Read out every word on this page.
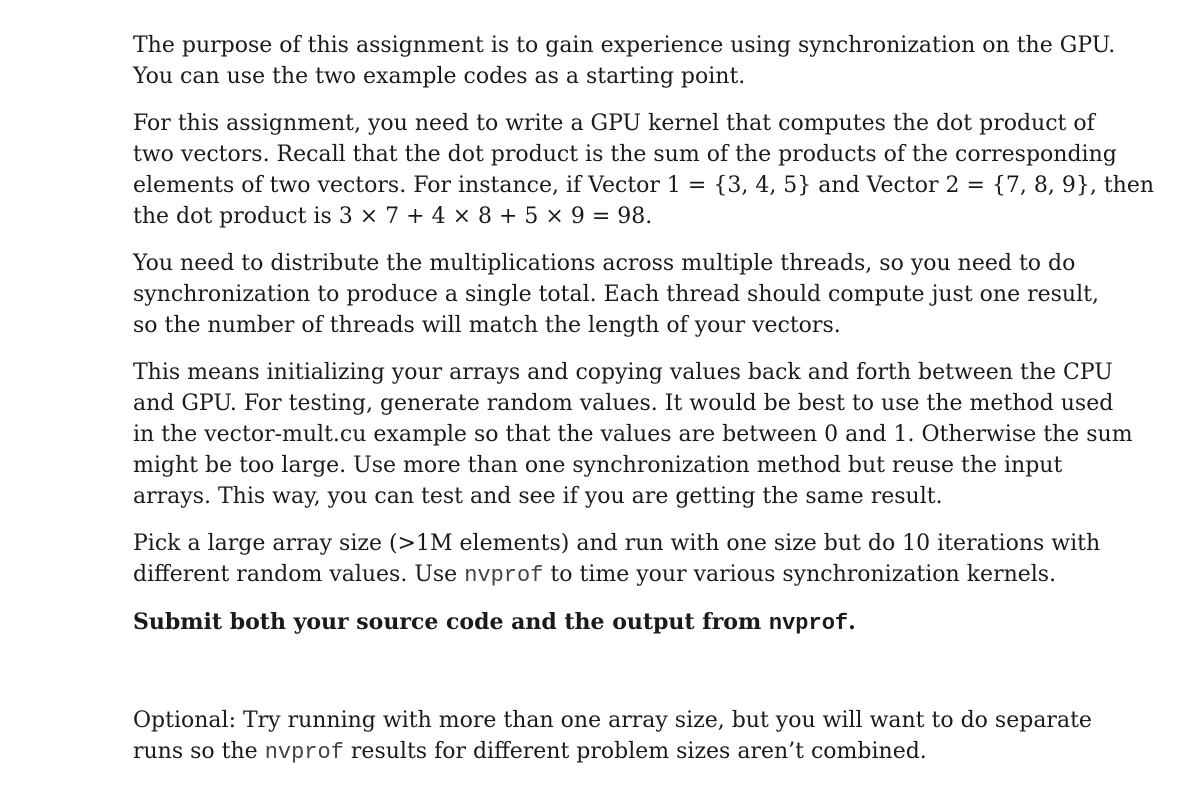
The purpose of this assignment is to gain experience using synchronization on the GPU.
You can use the two example codes as a starting point.

For this assignment, you need to write a GPU kernel that computes the dot product of
two vectors. Recall that the dot product is the sum of the products of the corresponding
elements of two vectors. For instance, if Vector 1 = {3, 4, 5} and Vector 2 = {7, 8, 9}, then
the dot product is 3 × 7 + 4 × 8 + 5 × 9 = 98.

You need to distribute the multiplications across multiple threads, so you need to do
synchronization to produce a single total. Each thread should compute just one result,
so the number of threads will match the length of your vectors.

This means initializing your arrays and copying values back and forth between the CPU
and GPU. For testing, generate random values. It would be best to use the method used
in the vector-mult.cu example so that the values are between 0 and 1. Otherwise the sum
might be too large. Use more than one synchronization method but reuse the input
arrays. This way, you can test and see if you are getting the same result.

Pick a large array size (>1M elements) and run with one size but do 10 iterations with
different random values. Use nvprof to time your various synchronization kernels.

Submit both your source code and the output from nvprof.

Optional: Try running with more than one array size, but you will want to do separate
runs so the nvprof results for different problem sizes aren’t combined.
